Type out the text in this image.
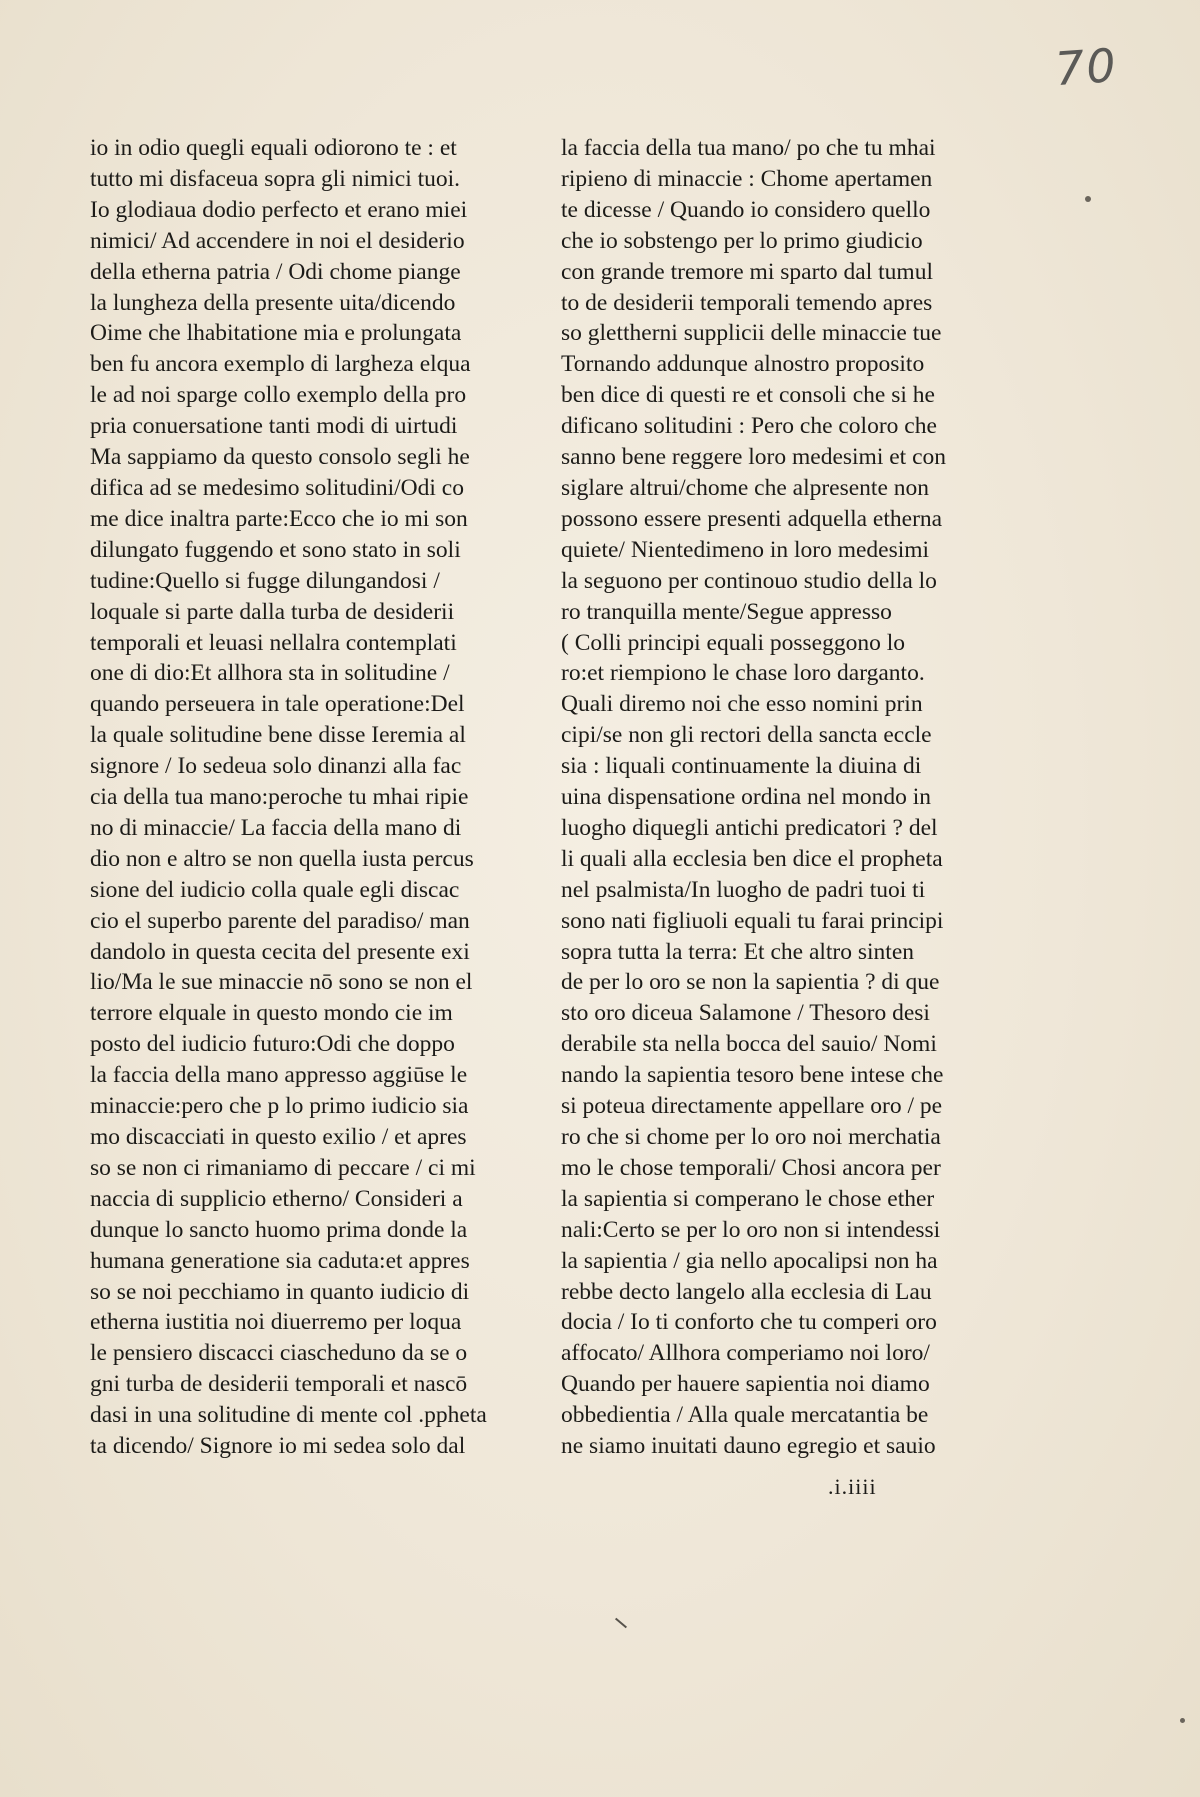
70
io in odio quegli equali odiorono te : et
tutto mi disfaceua sopra gli nimici tuoi.
Io glodiaua dodio perfecto et erano miei
nimici/ Ad accendere in noi el desiderio
della etherna patria / Odi chome piange
la lungheza della presente uita/dicendo
Oime che lhabitatione mia e prolungata
ben fu ancora exemplo di largheza elqua
le ad noi sparge collo exemplo della pro
pria conuersatione tanti modi di uirtudi
Ma sappiamo da questo consolo segli he
difica ad se medesimo solitudini/Odi co
me dice inaltra parte:Ecco che io mi son
dilungato fuggendo et sono stato in soli
tudine:Quello si fugge dilungandosi /
loquale si parte dalla turba de desiderii
temporali et leuasi nellalra contemplati
one di dio:Et allhora sta in solitudine /
quando perseuera in tale operatione:Del
la quale solitudine bene disse Ieremia al
signore / Io sedeua solo dinanzi alla fac
cia della tua mano:peroche tu mhai ripie
no di minaccie/ La faccia della mano di
dio non e altro se non quella iusta percus
sione del iudicio colla quale egli discac
cio el superbo parente del paradiso/ man
dandolo in questa cecita del presente exi
lio/Ma le sue minaccie nō sono se non el
terrore elquale in questo mondo cie im
posto del iudicio futuro:Odi che doppo
la faccia della mano appresso aggiūse le
minaccie:pero che p lo primo iudicio sia
mo discacciati in questo exilio / et apres
so se non ci rimaniamo di peccare / ci mi
naccia di supplicio etherno/ Consideri a
dunque lo sancto huomo prima donde la
humana generatione sia caduta:et appres
so se noi pecchiamo in quanto iudicio di
etherna iustitia noi diuerremo per loqua
le pensiero discacci ciascheduno da se o
gni turba de desiderii temporali et nascō
dasi in una solitudine di mente col .ppheta
ta dicendo/ Signore io mi sedea solo dal
la faccia della tua mano/ po che tu mhai
ripieno di minaccie : Chome apertamen
te dicesse / Quando io considero quello
che io sobstengo per lo primo giudicio
con grande tremore mi sparto dal tumul
to de desiderii temporali temendo apres
so glettherni supplicii delle minaccie tue
Tornando addunque alnostro proposito
ben dice di questi re et consoli che si he
dificano solitudini : Pero che coloro che
sanno bene reggere loro medesimi et con
siglare altrui/chome che alpresente non
possono essere presenti adquella etherna
quiete/ Nientedimeno in loro medesimi
la seguono per continouo studio della lo
ro tranquilla mente/Segue appresso
( Colli principi equali posseggono lo
ro:et riempiono le chase loro darganto.
Quali diremo noi che esso nomini prin
cipi/se non gli rectori della sancta eccle
sia : liquali continuamente la diuina di
uina dispensatione ordina nel mondo in
luogho diquegli antichi predicatori ? del
li quali alla ecclesia ben dice el propheta
nel psalmista/In luogho de padri tuoi ti
sono nati figliuoli equali tu farai principi
sopra tutta la terra: Et che altro sinten
de per lo oro se non la sapientia ? di que
sto oro diceua Salamone / Thesoro desi
derabile sta nella bocca del sauio/ Nomi
nando la sapientia tesoro bene intese che
si poteua directamente appellare oro / pe
ro che si chome per lo oro noi merchatia
mo le chose temporali/ Chosi ancora per
la sapientia si comperano le chose ether
nali:Certo se per lo oro non si intendessi
la sapientia / gia nello apocalipsi non ha
rebbe decto langelo alla ecclesia di Lau
docia / Io ti conforto che tu comperi oro
affocato/ Allhora comperiamo noi loro/
Quando per hauere sapientia noi diamo
obbedientia / Alla quale mercatantia be
ne siamo inuitati dauno egregio et sauio
.i.iiii
